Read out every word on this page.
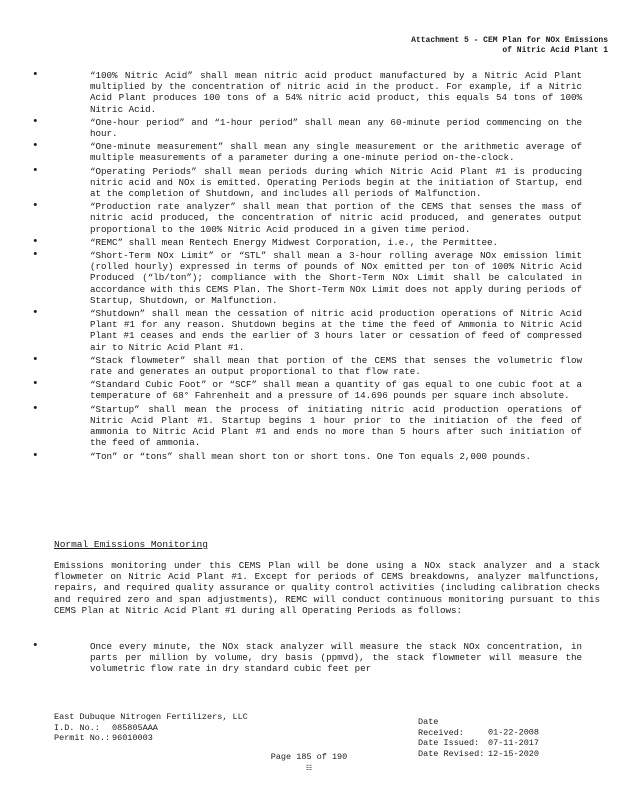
Attachment 5 - CEM Plan for NOx Emissions
of Nitric Acid Plant 1
•	“100% Nitric Acid” shall mean nitric acid product manufactured by a Nitric Acid Plant multiplied by the concentration of nitric acid in the product. For example, if a Nitric Acid Plant produces 100 tons of a 54% nitric acid product, this equals 54 tons of 100% Nitric Acid.
•	“One-hour period” and “1-hour period” shall mean any 60-minute period commencing on the hour.
•	“One-minute measurement” shall mean any single measurement or the arithmetic average of multiple measurements of a parameter during a one-minute period on-the-clock.
•	“Operating Periods” shall mean periods during which Nitric Acid Plant #1 is producing nitric acid and NOx is emitted. Operating Periods begin at the initiation of Startup, end at the completion of Shutdown, and includes all periods of Malfunction.
•	“Production rate analyzer” shall mean that portion of the CEMS that senses the mass of nitric acid produced, the concentration of nitric acid produced, and generates output proportional to the 100% Nitric Acid produced in a given time period.
•	“REMC” shall mean Rentech Energy Midwest Corporation, i.e., the Permittee.
•	“Short-Term NOx Limit” or “STL” shall mean a 3-hour rolling average NOx emission limit (rolled hourly) expressed in terms of pounds of NOx emitted per ton of 100% Nitric Acid Produced (“lb/ton”); compliance with the Short-Term NOx Limit shall be calculated in accordance with this CEMS Plan. The Short-Term NOx Limit does not apply during periods of Startup, Shutdown, or Malfunction.
•	“Shutdown” shall mean the cessation of nitric acid production operations of Nitric Acid Plant #1 for any reason. Shutdown begins at the time the feed of Ammonia to Nitric Acid Plant #1 ceases and ends the earlier of 3 hours later or cessation of feed of compressed air to Nitric Acid Plant #1.
•	“Stack flowmeter” shall mean that portion of the CEMS that senses the volumetric flow rate and generates an output proportional to that flow rate.
•	“Standard Cubic Foot” or “SCF” shall mean a quantity of gas equal to one cubic foot at a temperature of 68° Fahrenheit and a pressure of 14.696 pounds per square inch absolute.
•	“Startup” shall mean the process of initiating nitric acid production operations of Nitric Acid Plant #1. Startup begins 1 hour prior to the initiation of the feed of ammonia to Nitric Acid Plant #1 and ends no more than 5 hours after such initiation of the feed of ammonia.
•	“Ton” or “tons” shall mean short ton or short tons. One Ton equals 2,000 pounds.
Normal Emissions Monitoring

Emissions monitoring under this CEMS Plan will be done using a NOx stack analyzer and a stack flowmeter on Nitric Acid Plant #1. Except for periods of CEMS breakdowns, analyzer malfunctions, repairs, and required quality assurance or quality control activities (including calibration checks and required zero and span adjustments), REMC will conduct continuous monitoring pursuant to this CEMS Plan at Nitric Acid Plant #1 during all Operating Periods as follows:

•	Once every minute, the NOx stack analyzer will measure the stack NOx concentration, in parts per million by volume, dry basis (ppmvd), the stack flowmeter will measure the volumetric flow rate in dry standard cubic feet per
East Dubuque Nitrogen Fertilizers, LLC
I.D. No.: 085805AAA
Permit No.: 96010003
Date Received:	01-22-2008
Date Issued: 07-11-2017
Date Revised: 12-15-2020
Page 185 of 190
☷
